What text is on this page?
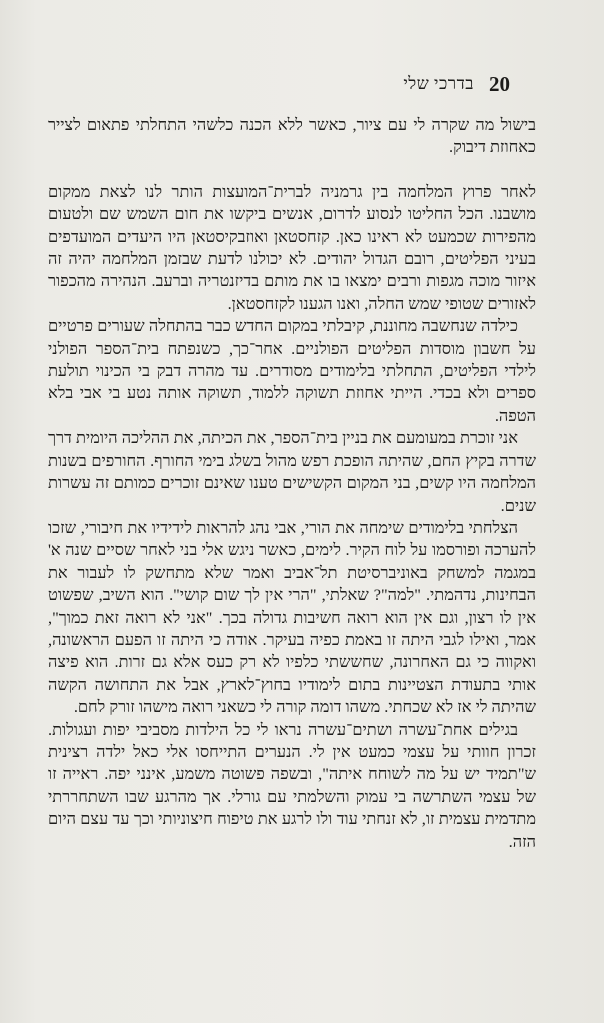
20
בדרכי שלי

בישול מה שקרה לי עם ציור, כאשר ללא הכנה כלשהי התחלתי פתאום לצייר כאחוזת דיבוק.

לאחר פרוץ המלחמה בין גרמניה לברית־המועצות הותר לנו לצאת ממקום מושבנו. הכל החליטו לנסוע לדרום, אנשים ביקשו את חום השמש שם ולטעום מהפירות שכמעט לא ראינו כאן. קזחסטאן ואוזבקיסטאן היו היעדים המועדפים בעיני הפליטים, רובם הגדול יהודים. לא יכולנו לדעת שבזמן המלחמה יהיה זה איזור מוכה מגפות ורבים ימצאו בו את מותם בדיזנטריה וברעב. הנהירה מהכפור לאזורים שטופי שמש החלה, ואנו הגענו לקזחסטאן.

כילדה שנחשבה מחוננת, קיבלתי במקום החדש כבר בהתחלה שעורים פרטיים על חשבון מוסדות הפליטים הפולניים. אחר־כך, כשנפתח בית־הספר הפולני לילדי הפליטים, התחלתי בלימודים מסודרים. עד מהרה דבק בי הכינוי תולעת ספרים ולא בכדי. הייתי אחוזת תשוקה ללמוד, תשוקה אותה נטע בי אבי בלא הטפה.

אני זוכרת במעומעם את בניין בית־הספר, את הכיתה, את ההליכה היומית דרך שדרה בקיץ החם, שהיתה הופכת רפש מהול בשלג בימי החורף. החורפים בשנות המלחמה היו קשים, בני המקום הקשישים טענו שאינם זוכרים כמותם זה עשרות שנים.

הצלחתי בלימודים שימחה את הורי, אבי נהג להראות לידידיו את חיבורי, שזכו להערכה ופורסמו על לוח הקיר. לימים, כאשר ניגש אלי בני לאחר שסיים שנה א' במגמה למשחק באוניברסיטת תל־אביב ואמר שלא מתחשק לו לעבור את הבחינות, נדהמתי. "למה"? שאלתי, "הרי אין לך שום קושי". הוא השיב, שפשוט אין לו רצון, וגם אין הוא רואה חשיבות גדולה בכך. "אני לא רואה זאת כמוך", אמר, ואילו לגבי היתה זו באמת כפיה בעיקר. אודה כי היתה זו הפעם הראשונה, ואקווה כי גם האחרונה, שחששתי כלפיו לא רק כעס אלא גם זרות. הוא פיצה אותי בתעודת הצטיינות בתום לימודיו בחוץ־לארץ, אבל את התחושה הקשה שהיתה לי אז לא שכחתי. משהו דומה קורה לי כשאני רואה מישהו זורק לחם.

בגילים אחת־עשרה ושתים־עשרה נראו לי כל הילדות מסביבי יפות ועגולות. זכרון חוותי על עצמי כמעט אין לי. הנערים התייחסו אלי כאל ילדה רצינית ש"תמיד יש על מה לשוחח איתה", ובשפה פשוטה משמע, אינני יפה. ראייה זו של עצמי השתרשה בי עמוק והשלמתי עם גורלי. אך מהרגע שבו השתחררתי מתדמית עצמית זו, לא זנחתי עוד ולו לרגע את טיפוח חיצוניותי וכך עד עצם היום הזה.
